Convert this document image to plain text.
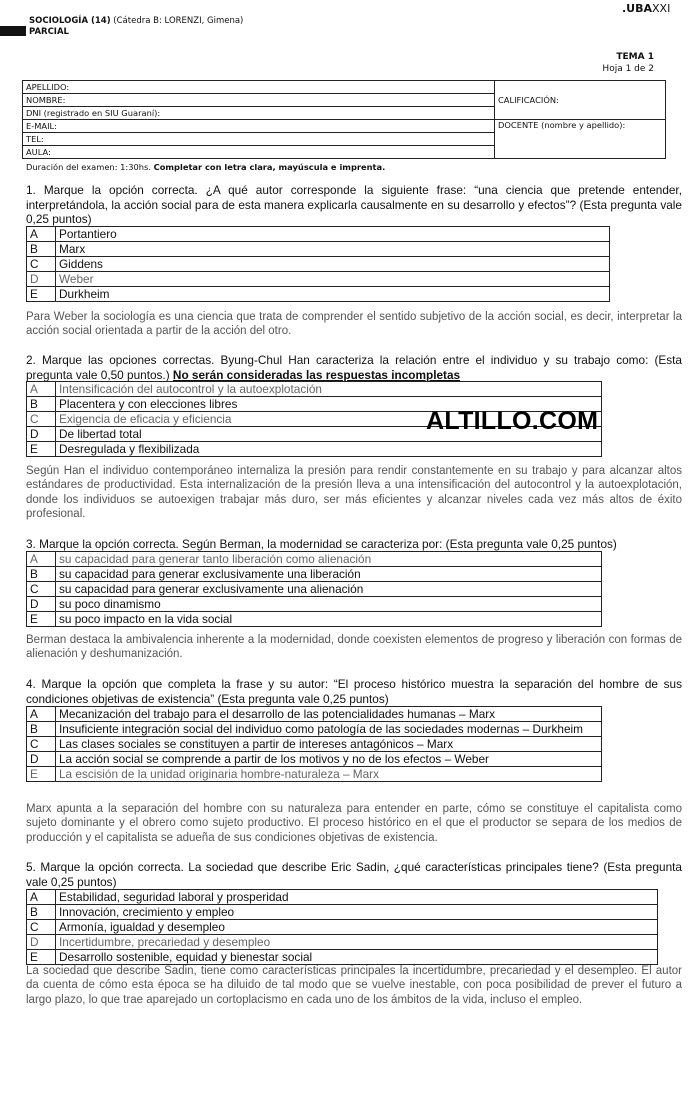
SOCIOLOGÍA (14) (Cátedra B: LORENZI, Gimena)
PARCIAL
.UBAXXI
TEMA 1
Hoja 1 de 2
APELLIDO:	CALIFICACIÓN:
NOMBRE:	
DNI (registrado en SIU Guaraní):	
E-MAIL:	DOCENTE (nombre y apellido):
TEL:	
AULA:	
Duración del examen: 1:30hs. Completar con letra clara, mayúscula e imprenta.
1. Marque la opción correcta. ¿A qué autor corresponde la siguiente frase: “una ciencia que pretende entender, interpretándola, la acción social para de esta manera explicarla causalmente en su desarrollo y efectos”? (Esta pregunta vale 0,25 puntos)
A	Portantiero
B	Marx
C	Giddens
D	Weber
E	Durkheim
Para Weber la sociología es una ciencia que trata de comprender el sentido subjetivo de la acción social, es decir, interpretar la acción social orientada a partir de la acción del otro.
2. Marque las opciones correctas. Byung-Chul Han caracteriza la relación entre el individuo y su trabajo como: (Esta pregunta vale 0,50 puntos.) No serán consideradas las respuestas incompletas
A	Intensificación del autocontrol y la autoexplotación
B	Placentera y con elecciones libres
C	Exigencia de eficacia y eficiencia
D	De libertad total
E	Desregulada y flexibilizada
ALTILLO.COM
Según Han el individuo contemporáneo internaliza la presión para rendir constantemente en su trabajo y para alcanzar altos estándares de productividad. Esta internalización de la presión lleva a una intensificación del autocontrol y la autoexplotación, donde los individuos se autoexigen trabajar más duro, ser más eficientes y alcanzar niveles cada vez más altos de éxito profesional.
3. Marque la opción correcta. Según Berman, la modernidad se caracteriza por: (Esta pregunta vale 0,25 puntos)
A	su capacidad para generar tanto liberación como alienación
B	su capacidad para generar exclusivamente una liberación
C	su capacidad para generar exclusivamente una alienación
D	su poco dinamismo
E	su poco impacto en la vida social
Berman destaca la ambivalencia inherente a la modernidad, donde coexisten elementos de progreso y liberación con formas de alienación y deshumanización.
4. Marque la opción que completa la frase y su autor: “El proceso histórico muestra la separación del hombre de sus condiciones objetivas de existencia” (Esta pregunta vale 0,25 puntos)
A	Mecanización del trabajo para el desarrollo de las potencialidades humanas – Marx
B	Insuficiente integración social del individuo como patología de las sociedades modernas – Durkheim
C	Las clases sociales se constituyen a partir de intereses antagónicos – Marx
D	La acción social se comprende a partir de los motivos y no de los efectos – Weber
E	La escisión de la unidad originaria hombre-naturaleza – Marx
Marx apunta a la separación del hombre con su naturaleza para entender en parte, cómo se constituye el capitalista como sujeto dominante y el obrero como sujeto productivo. El proceso histórico en el que el productor se separa de los medios de producción y el capitalista se adueña de sus condiciones objetivas de existencia.
5. Marque la opción correcta. La sociedad que describe Eric Sadin, ¿qué características principales tiene? (Esta pregunta vale 0,25 puntos)
A	Estabilidad, seguridad laboral y prosperidad
B	Innovación, crecimiento y empleo
C	Armonía, igualdad y desempleo
D	Incertidumbre, precariedad y desempleo
E	Desarrollo sostenible, equidad y bienestar social
La sociedad que describe Sadin, tiene como características principales la incertidumbre, precariedad y el desempleo. El autor da cuenta de cómo esta época se ha diluido de tal modo que se vuelve inestable, con poca posibilidad de prever el futuro a largo plazo, lo que trae aparejado un cortoplacismo en cada uno de los ámbitos de la vida, incluso el empleo.
